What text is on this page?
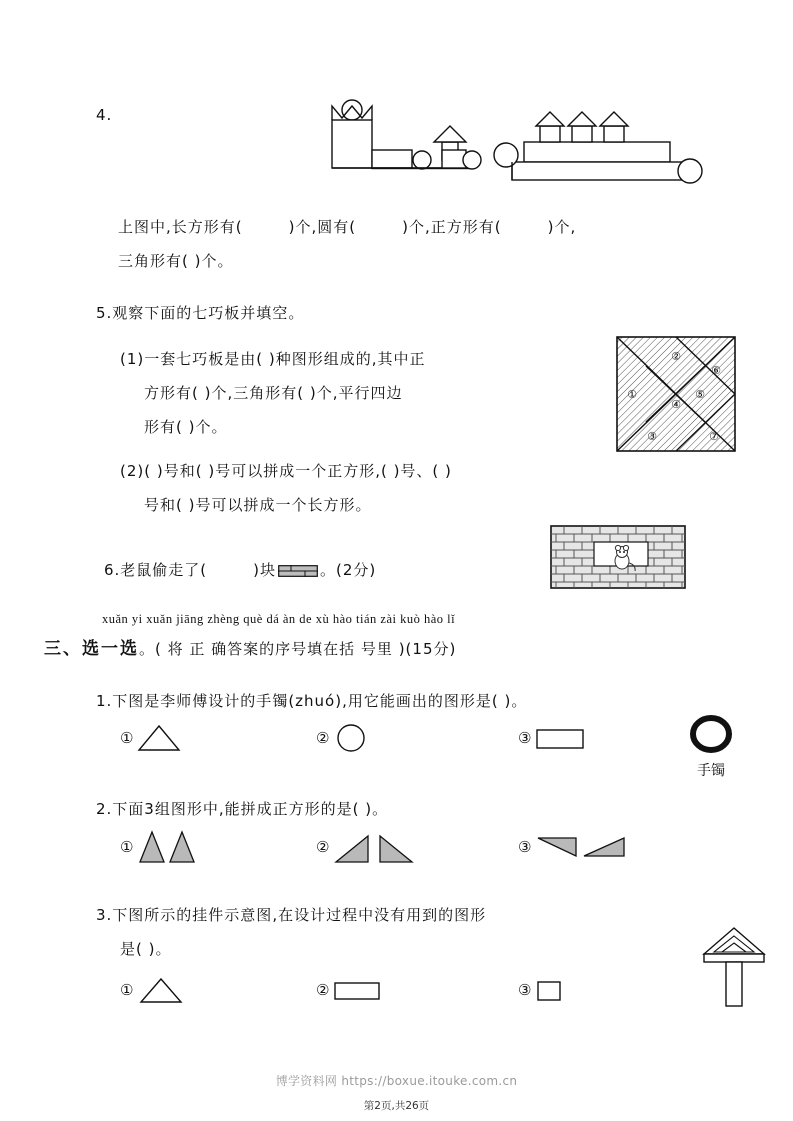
4.
上图中,长方形有(	)个,圆有(	)个,正方形有(	)个,
三角形有( )个。
5.观察下面的七巧板并填空。
(1)一套七巧板是由( )种图形组成的,其中正
方形有( )个,三角形有( )个,平行四边
形有( )个。
(2)( )号和( )号可以拼成一个正方形,( )号、( )
号和( )号可以拼成一个长方形。
②
⑥
①
④
⑤
③	⑦
6.老鼠偷走了(	)块	。(2分)
xuǎn yi xuǎn jiāng zhèng què dá àn de xù hào tián zài kuò hào lǐ
三、选一选。( 将 正 确答案的序号填在括 号里 )(15分)
1.下图是李师傅设计的手镯(zhuó),用它能画出的图形是( )。
①	②	③
手镯
2.下面3组图形中,能拼成正方形的是( )。
①	②	③
3.下图所示的挂件示意图,在设计过程中没有用到的图形
是( )。
①	②	③
博学资料网 https://boxue.itouke.com.cn
第2页,共26页
